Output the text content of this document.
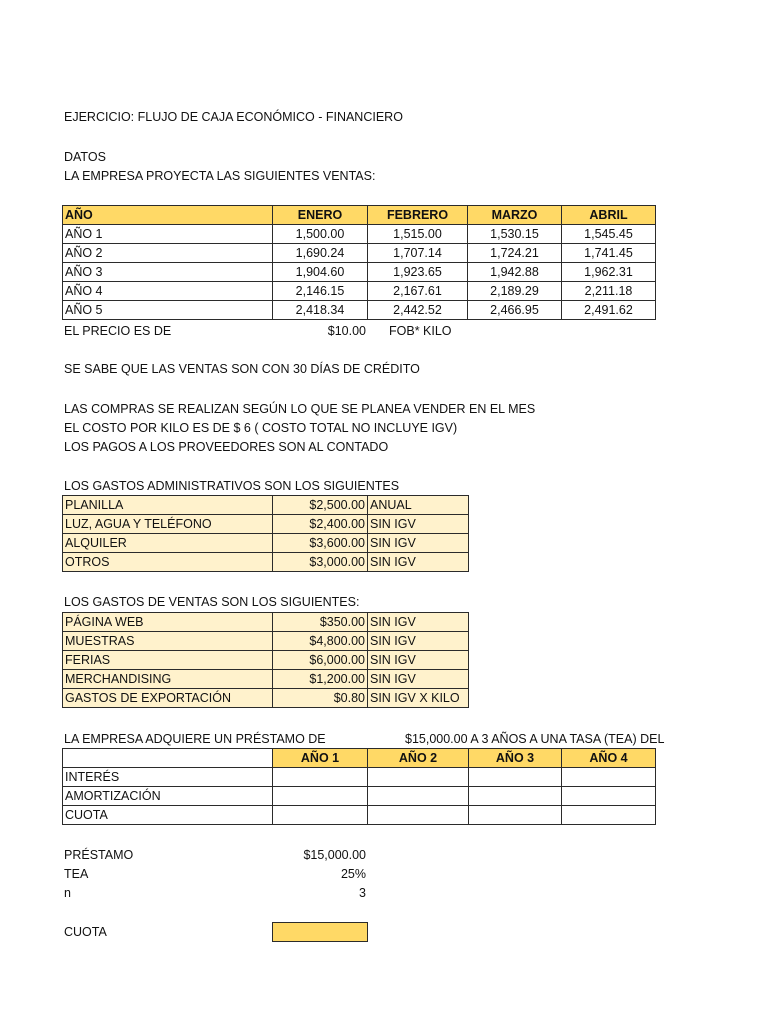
EJERCICIO: FLUJO DE CAJA ECONÓMICO - FINANCIERO
DATOS
LA EMPRESA PROYECTA LAS SIGUIENTES VENTAS:
AÑO	ENERO	FEBRERO	MARZO	ABRIL
AÑO 1	1,500.00	1,515.00	1,530.15	1,545.45
AÑO 2	1,690.24	1,707.14	1,724.21	1,741.45
AÑO 3	1,904.60	1,923.65	1,942.88	1,962.31
AÑO 4	2,146.15	2,167.61	2,189.29	2,211.18
AÑO 5	2,418.34	2,442.52	2,466.95	2,491.62
EL PRECIO ES DE	$10.00 FOB* KILO
SE SABE QUE LAS VENTAS SON CON 30 DÍAS DE CRÉDITO
LAS COMPRAS SE REALIZAN SEGÚN LO QUE SE PLANEA VENDER EN EL MES
EL COSTO POR KILO ES DE $ 6 ( COSTO TOTAL NO INCLUYE IGV)
LOS PAGOS A LOS PROVEEDORES SON AL CONTADO
LOS GASTOS ADMINISTRATIVOS SON LOS SIGUIENTES
PLANILLA	$2,500.00	ANUAL
LUZ, AGUA Y TELÉFONO	$2,400.00	SIN IGV
ALQUILER	$3,600.00	SIN IGV
OTROS	$3,000.00	SIN IGV
LOS GASTOS DE VENTAS SON LOS SIGUIENTES:
PÁGINA WEB	$350.00	SIN IGV
MUESTRAS	$4,800.00	SIN IGV
FERIAS	$6,000.00	SIN IGV
MERCHANDISING	$1,200.00	SIN IGV
GASTOS DE EXPORTACIÓN	$0.80	SIN IGV X KILO
LA EMPRESA ADQUIERE UN PRÉSTAMO DE	$15,000.00 A 3 AÑOS A UNA TASA (TEA) DEL
	AÑO 1	AÑO 2	AÑO 3	AÑO 4
INTERÉS				
AMORTIZACIÓN				
CUOTA				
PRÉSTAMO	$15,000.00
TEA	25%
n	3
CUOTA
